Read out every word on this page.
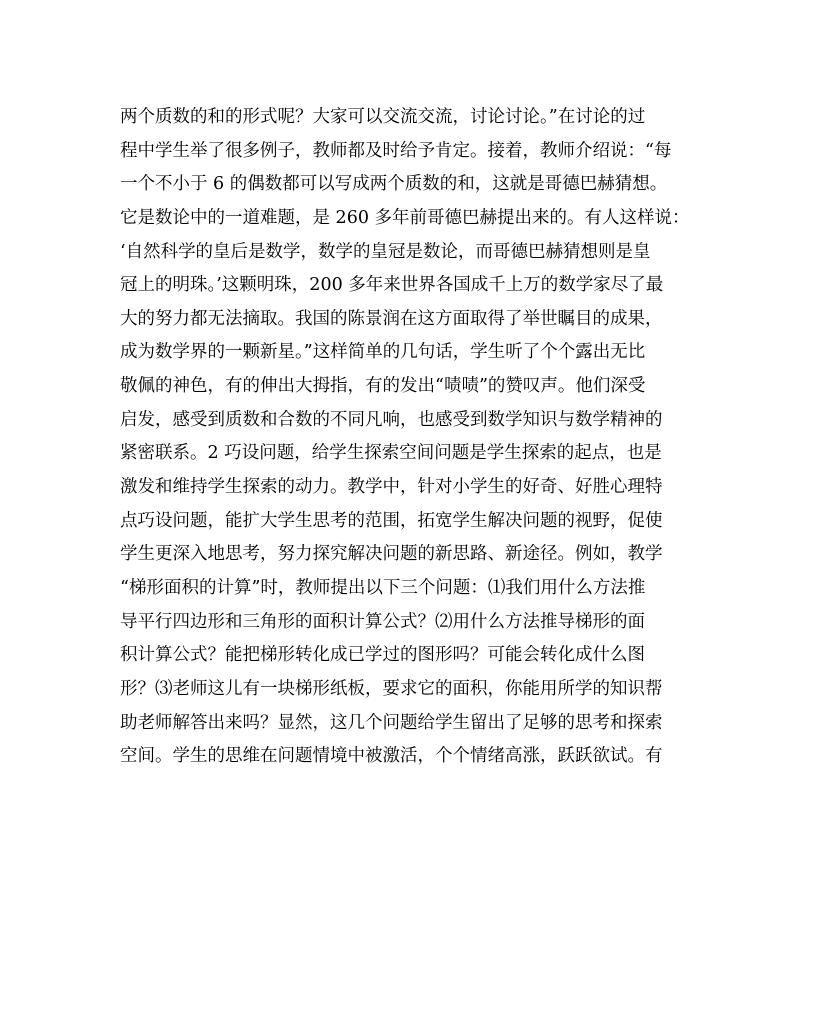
两个质数的和的形式呢？大家可以交流交流，讨论讨论。”在讨论的过
程中学生举了很多例子，教师都及时给予肯定。接着，教师介绍说：“每
一个不小于 6 的偶数都可以写成两个质数的和，这就是哥德巴赫猜想。
它是数论中的一道难题，是 260 多年前哥德巴赫提出来的。有人这样说：
‘自然科学的皇后是数学，数学的皇冠是数论，而哥德巴赫猜想则是皇
冠上的明珠。’这颗明珠，200 多年来世界各国成千上万的数学家尽了最
大的努力都无法摘取。我国的陈景润在这方面取得了举世瞩目的成果，
成为数学界的一颗新星。”这样简单的几句话，学生听了个个露出无比
敬佩的神色，有的伸出大拇指，有的发出“啧啧”的赞叹声。他们深受
启发，感受到质数和合数的不同凡响，也感受到数学知识与数学精神的
紧密联系。2 巧设问题，给学生探索空间问题是学生探索的起点，也是
激发和维持学生探索的动力。教学中，针对小学生的好奇、好胜心理特
点巧设问题，能扩大学生思考的范围，拓宽学生解决问题的视野，促使
学生更深入地思考，努力探究解决问题的新思路、新途径。例如，教学
“梯形面积的计算”时，教师提出以下三个问题：⑴我们用什么方法推
导平行四边形和三角形的面积计算公式？⑵用什么方法推导梯形的面
积计算公式？能把梯形转化成已学过的图形吗？可能会转化成什么图
形？⑶老师这儿有一块梯形纸板，要求它的面积，你能用所学的知识帮
助老师解答出来吗？显然，这几个问题给学生留出了足够的思考和探索
空间。学生的思维在问题情境中被激活，个个情绪高涨，跃跃欲试。有
